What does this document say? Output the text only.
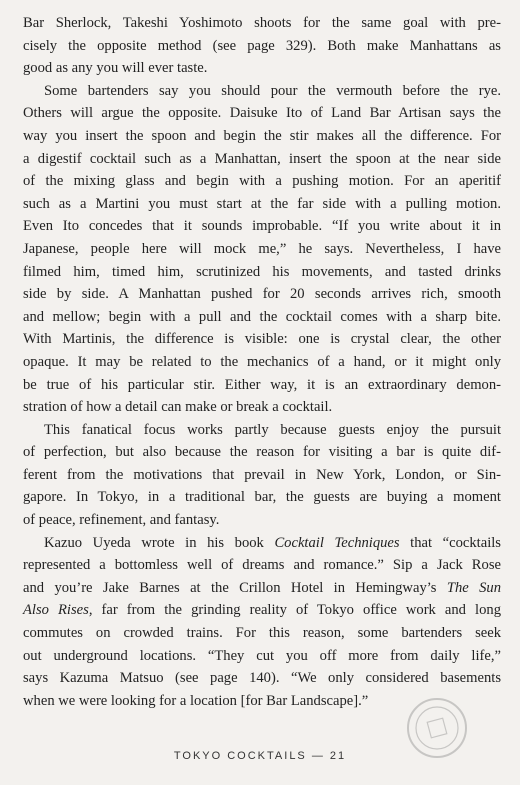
Bar Sherlock, Takeshi Yoshimoto shoots for the same goal with pre-
cisely the opposite method (see page 329). Both make Manhattans as
good as any you will ever taste.

Some bartenders say you should pour the vermouth before the rye.
Others will argue the opposite. Daisuke Ito of Land Bar Artisan says the
way you insert the spoon and begin the stir makes all the difference. For
a digestif cocktail such as a Manhattan, insert the spoon at the near side
of the mixing glass and begin with a pushing motion. For an aperitif
such as a Martini you must start at the far side with a pulling motion.
Even Ito concedes that it sounds improbable. “If you write about it in
Japanese, people here will mock me,” he says. Nevertheless, I have
filmed him, timed him, scrutinized his movements, and tasted drinks
side by side. A Manhattan pushed for 20 seconds arrives rich, smooth
and mellow; begin with a pull and the cocktail comes with a sharp bite.
With Martinis, the difference is visible: one is crystal clear, the other
opaque. It may be related to the mechanics of a hand, or it might only
be true of his particular stir. Either way, it is an extraordinary demon-
stration of how a detail can make or break a cocktail.

This fanatical focus works partly because guests enjoy the pursuit
of perfection, but also because the reason for visiting a bar is quite dif-
ferent from the motivations that prevail in New York, London, or Sin-
gapore. In Tokyo, in a traditional bar, the guests are buying a moment
of peace, refinement, and fantasy.

Kazuo Uyeda wrote in his book Cocktail Techniques that “cocktails
represented a bottomless well of dreams and romance.” Sip a Jack Rose
and you’re Jake Barnes at the Crillon Hotel in Hemingway’s The Sun
Also Rises, far from the grinding reality of Tokyo office work and long
commutes on crowded trains. For this reason, some bartenders seek
out underground locations. “They cut you off more from daily life,”
says Kazuma Matsuo (see page 140). “We only considered basements
when we were looking for a location [for Bar Landscape].”

TOKYO COCKTAILS — 21
